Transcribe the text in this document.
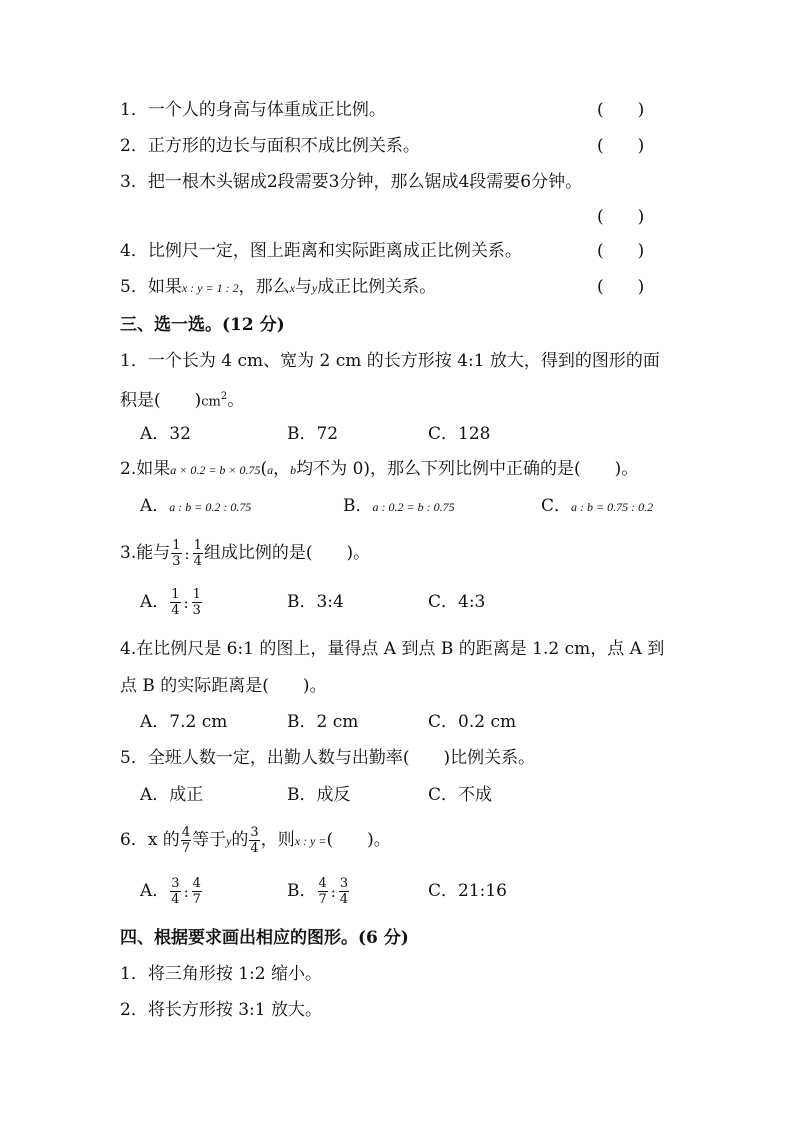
1．一个人的身高与体重成正比例。	(　　)
2．正方形的边长与面积不成比例关系。	(　　)
3．把一根木头锯成2段需要3分钟，那么锯成4段需要6分钟。
(　　)
4．比例尺一定，图上距离和实际距离成正比例关系。	(　　)
5．如果x : y = 1 : 2，那么x与y成正比例关系。	(　　)
三、选一选。(12 分)
1．一个长为 4 cm、宽为 2 cm 的长方形按 4:1 放大，得到的图形的面
积是(　　)$cm^2$。
A．32	B．72	C．128
2.如果a × 0.2 = b × 0.75(a，b均不为 0)，那么下列比例中正确的是(　　)。
A．a : b = 0.2 : 0.75	B．a : 0.2 = b : 0.75	C．a : b = 0.75 : 0.2
3.能与 $\frac{1}{3}$ : $\frac{1}{4}$ 组成比例的是(　　)。
A． $\frac{1}{4}$ : $\frac{1}{3}$	B．3:4	C．4:3
4.在比例尺是 6:1 的图上，量得点 A 到点 B 的距离是 1.2 cm，点 A 到
点 B 的实际距离是(　　)。
A．7.2 cm	B．2 cm	C．0.2 cm
5．全班人数一定，出勤人数与出勤率(　　)比例关系。
A．成正	B．成反	C．不成
6．x 的 $\frac{4}{7}$ 等于y的 $\frac{3}{4}$ ，则x : y =(　　)。
A． $\frac{3}{4}$ : $\frac{4}{7}$	B． $\frac{4}{7}$ : $\frac{3}{4}$	C．21:16
四、根据要求画出相应的图形。(6 分)
1．将三角形按 1:2 缩小。
2．将长方形按 3:1 放大。
